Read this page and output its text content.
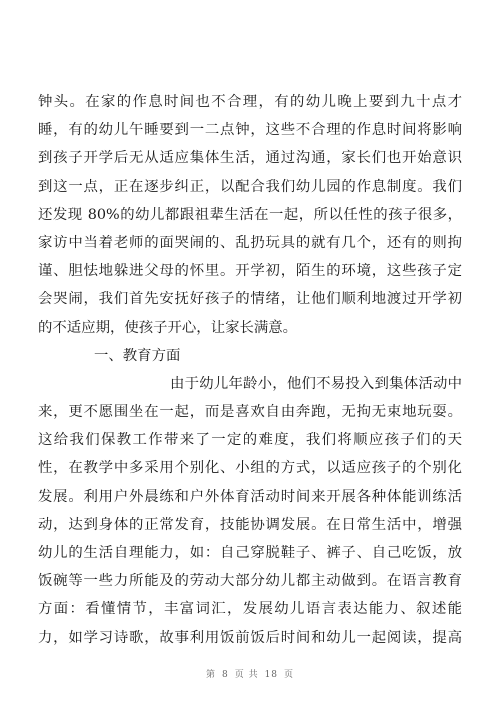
钟头。在家的作息时间也不合理，有的幼儿晚上要到九十点才
睡，有的幼儿午睡要到一二点钟，这些不合理的作息时间将影响
到孩子开学后无从适应集体生活，通过沟通，家长们也开始意识
到这一点，正在逐步纠正，以配合我们幼儿园的作息制度。我们
还发现 80%的幼儿都跟祖辈生活在一起，所以任性的孩子很多，
家访中当着老师的面哭闹的、乱扔玩具的就有几个，还有的则拘
谨、胆怯地躲进父母的怀里。开学初，陌生的环境，这些孩子定
会哭闹，我们首先安抚好孩子的情绪，让他们顺利地渡过开学初
的不适应期，使孩子开心，让家长满意。
一、教育方面
由于幼儿年龄小，他们不易投入到集体活动中
来，更不愿围坐在一起，而是喜欢自由奔跑，无拘无束地玩耍。
这给我们保教工作带来了一定的难度，我们将顺应孩子们的天
性，在教学中多采用个别化、小组的方式，以适应孩子的个别化
发展。利用户外晨练和户外体育活动时间来开展各种体能训练活
动，达到身体的正常发育，技能协调发展。在日常生活中，增强
幼儿的生活自理能力，如：自己穿脱鞋子、裤子、自己吃饭，放
饭碗等一些力所能及的劳动大部分幼儿都主动做到。在语言教育
方面：看懂情节，丰富词汇，发展幼儿语言表达能力、叙述能
力，如学习诗歌，故事利用饭前饭后时间和幼儿一起阅读，提高
第 8 页 共 18 页
